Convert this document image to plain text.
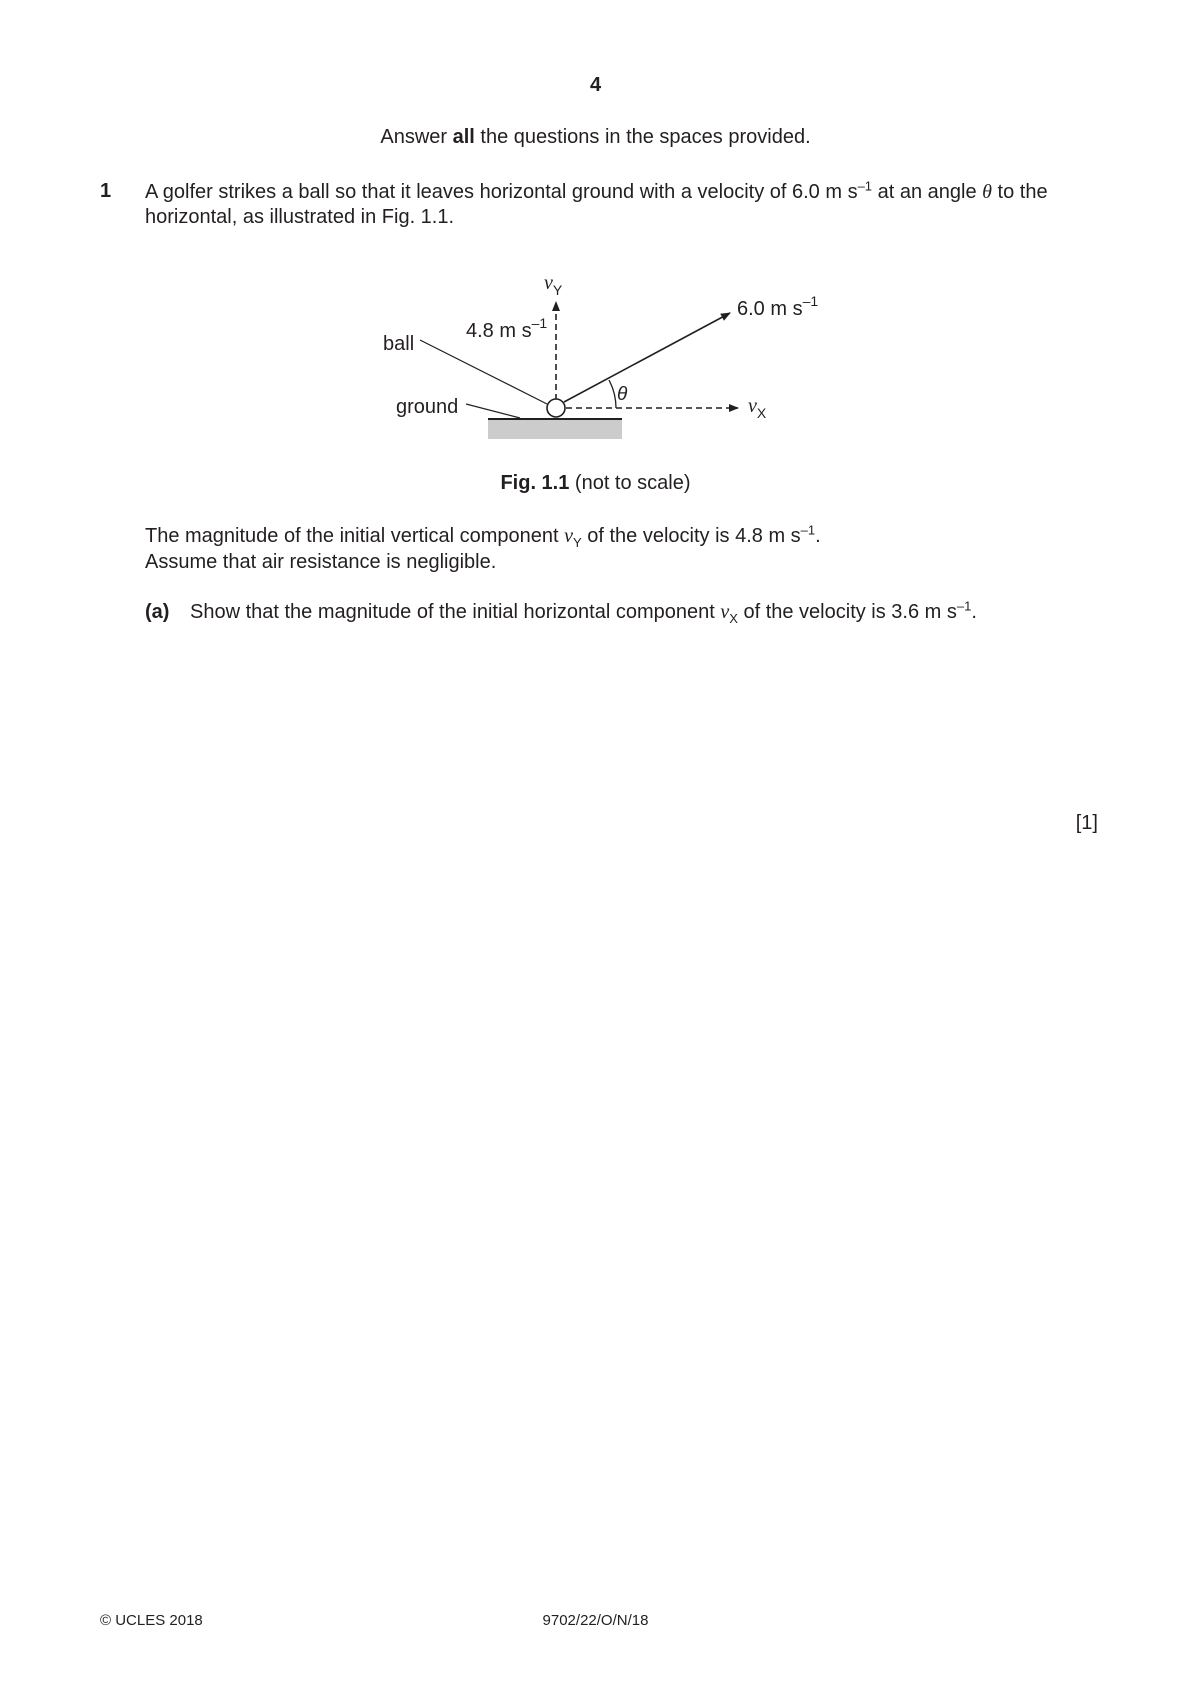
4
Answer all the questions in the spaces provided.
1 A golfer strikes a ball so that it leaves horizontal ground with a velocity of 6.0 m $s^{-1}$ at an angle θ to the horizontal, as illustrated in Fig. 1.1.
$v_Y$
4.8 m $s^{-1}$
6.0 m $s^{-1}$
ball
ground
θ
$v_X$
Fig. 1.1 (not to scale)
The magnitude of the initial vertical component $v_Y$ of the velocity is 4.8 m $s^{-1}$.
Assume that air resistance is negligible.
(a) Show that the magnitude of the initial horizontal component $v_X$ of the velocity is 3.6 m $s^{-1}$.
[1]
© UCLES 2018	9702/22/O/N/18
